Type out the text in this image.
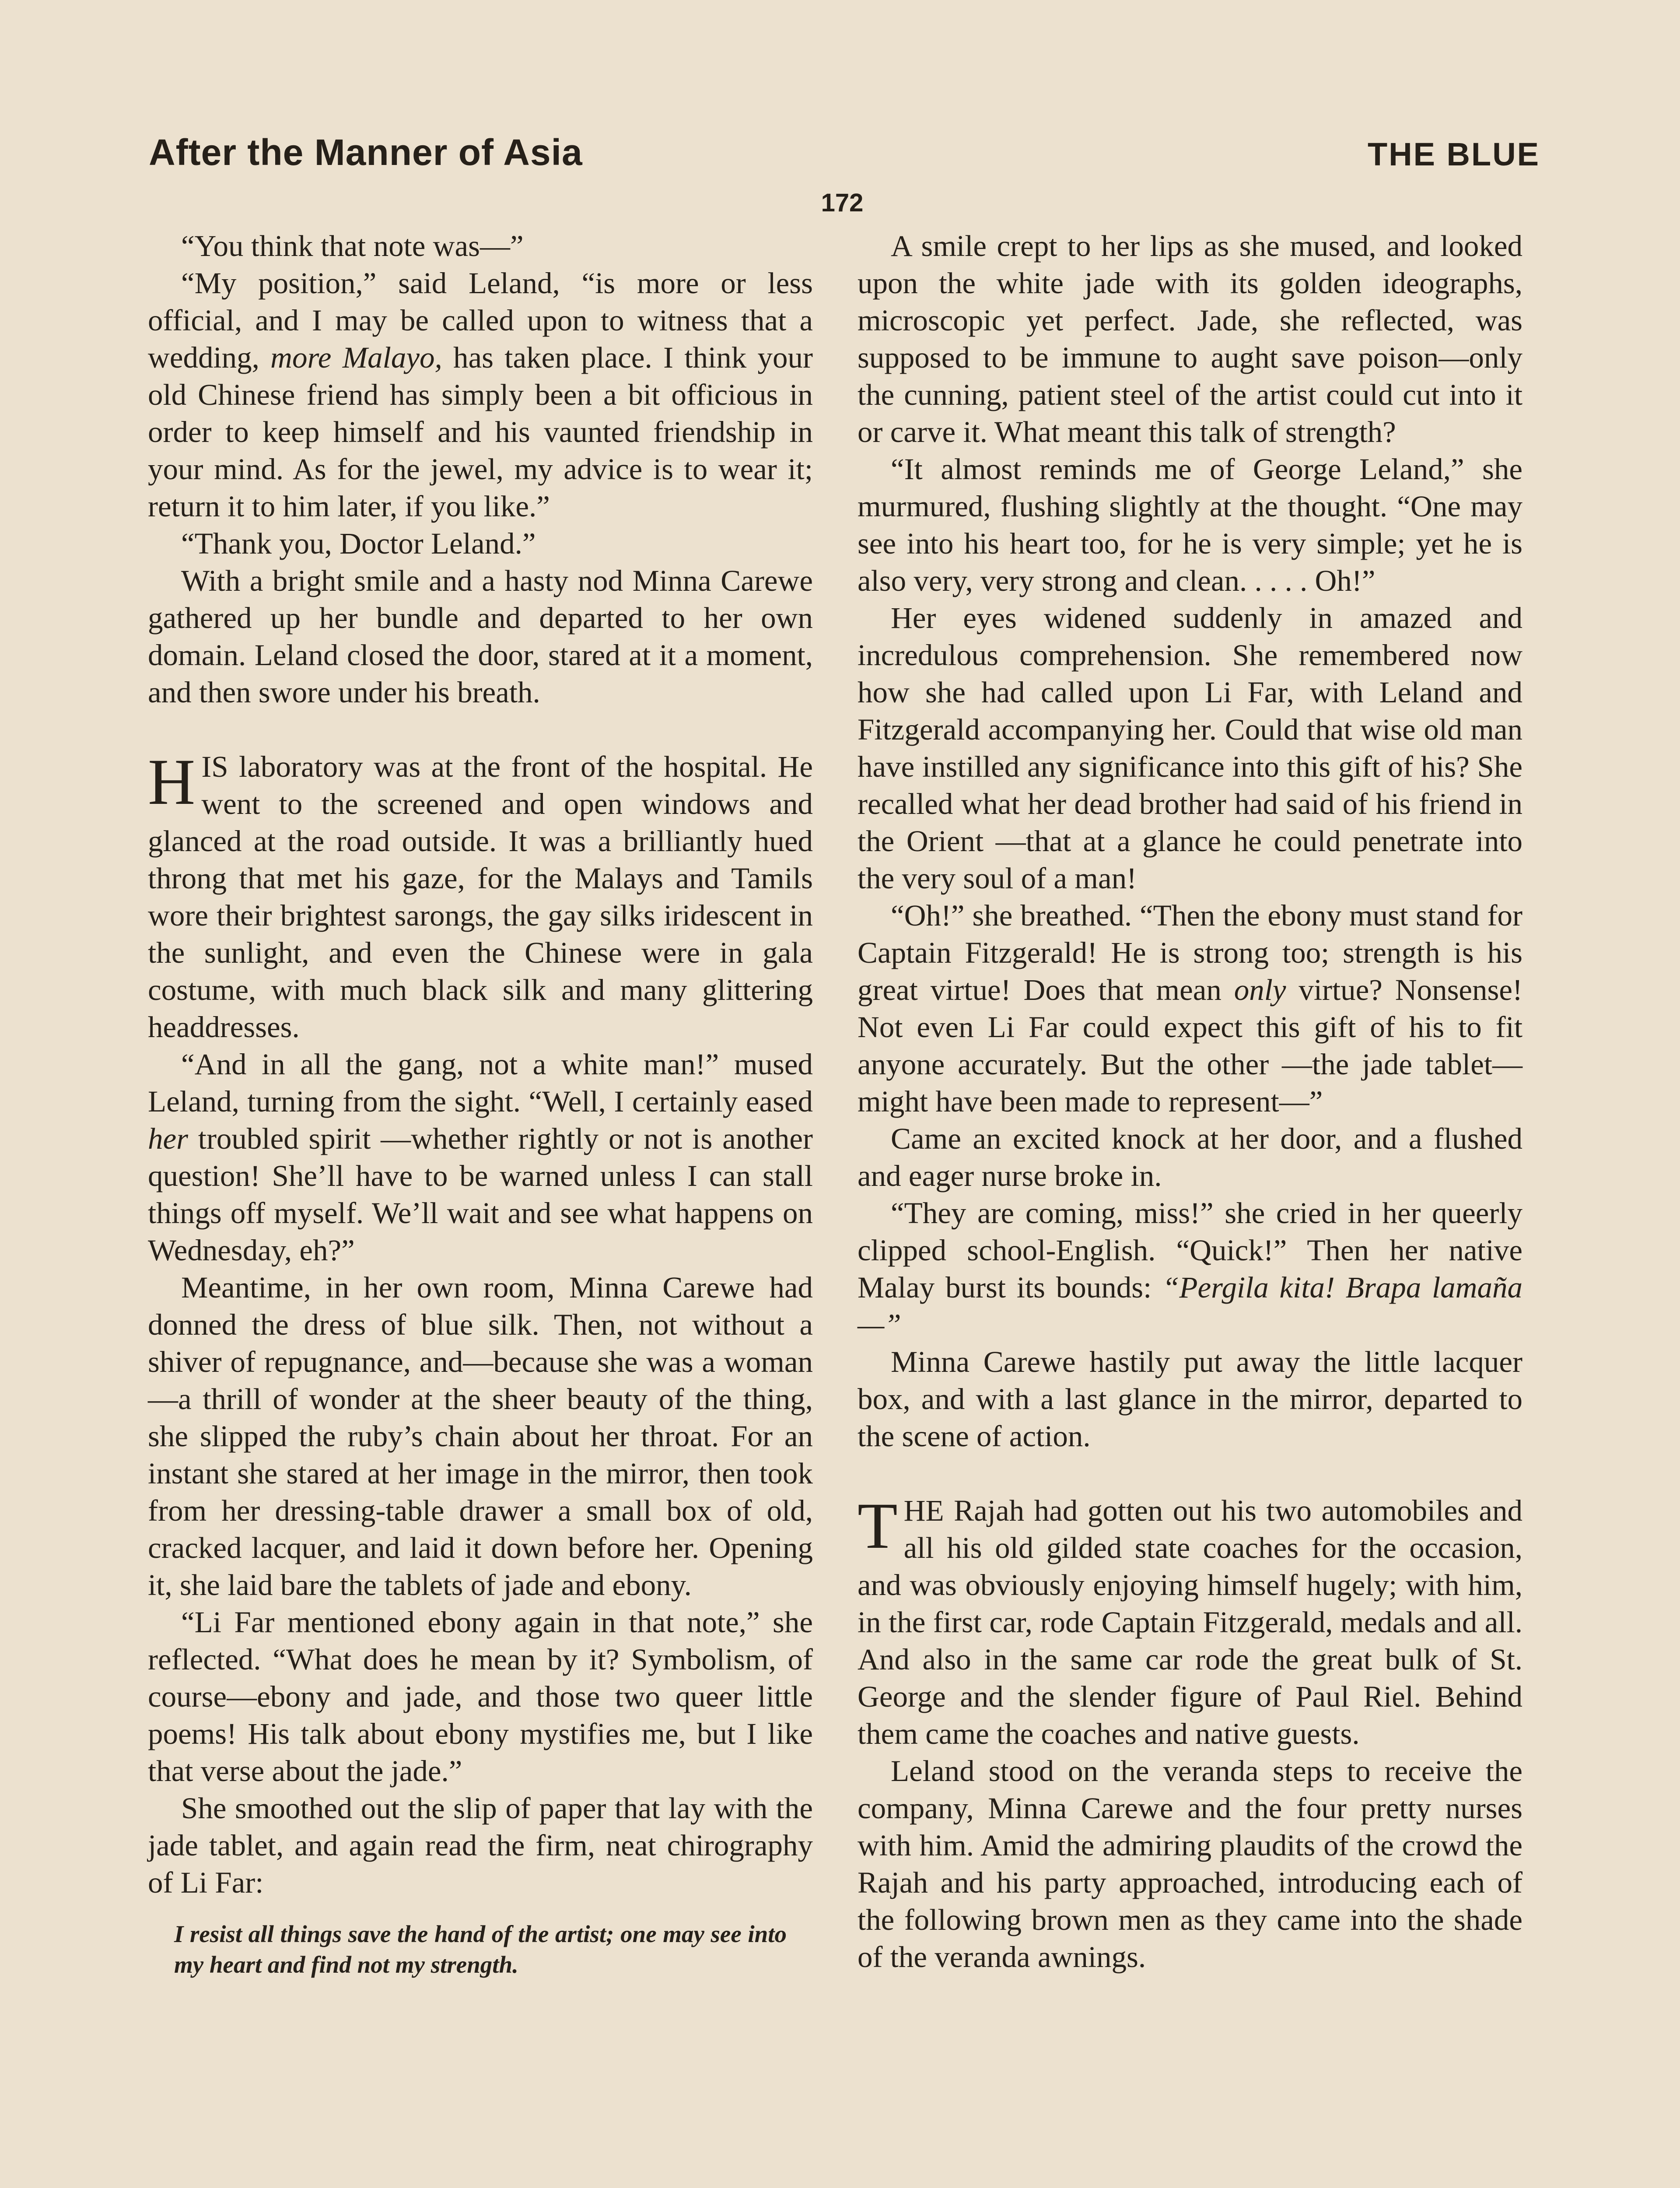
After the Manner of Asia	THE BLUE
172

“You think that note was—”

“My position,” said Leland, “is more or less official, and I may be called upon to witness that a wedding, more Malayo, has taken place. I think your old Chinese friend has simply been a bit officious in order to keep himself and his vaunted friendship in your mind. As for the jewel, my advice is to wear it; return it to him later, if you like.”

“Thank you, Doctor Leland.”

With a bright smile and a hasty nod Minna Carewe gathered up her bundle and departed to her own domain. Leland closed the door, stared at it a moment, and then swore under his breath.

HIS laboratory was at the front of the hospital. He went to the screened and open windows and glanced at the road outside. It was a brilliantly hued throng that met his gaze, for the Malays and Tamils wore their brightest sarongs, the gay silks iridescent in the sunlight, and even the Chinese were in gala costume, with much black silk and many glittering headdresses.

“And in all the gang, not a white man!” mused Leland, turning from the sight. “Well, I certainly eased her troubled spirit —whether rightly or not is another question! She’ll have to be warned unless I can stall things off myself. We’ll wait and see what happens on Wednesday, eh?”

Meantime, in her own room, Minna Carewe had donned the dress of blue silk. Then, not without a shiver of repugnance, and—because she was a woman—a thrill of wonder at the sheer beauty of the thing, she slipped the ruby’s chain about her throat. For an instant she stared at her image in the mirror, then took from her dressing-table drawer a small box of old, cracked lacquer, and laid it down before her. Opening it, she laid bare the tablets of jade and ebony.

“Li Far mentioned ebony again in that note,” she reflected. “What does he mean by it? Symbolism, of course—ebony and jade, and those two queer little poems! His talk about ebony mystifies me, but I like that verse about the jade.”

She smoothed out the slip of paper that lay with the jade tablet, and again read the firm, neat chirography of Li Far:

I resist all things save the hand of the artist; one may see into my heart and find not my strength.

A smile crept to her lips as she mused, and looked upon the white jade with its golden ideographs, microscopic yet perfect. Jade, she reflected, was supposed to be immune to aught save poison—only the cunning, patient steel of the artist could cut into it or carve it. What meant this talk of strength?

“It almost reminds me of George Leland,” she murmured, flushing slightly at the thought. “One may see into his heart too, for he is very simple; yet he is also very, very strong and clean. . . . . Oh!”

Her eyes widened suddenly in amazed and incredulous comprehension. She remembered now how she had called upon Li Far, with Leland and Fitzgerald accompanying her. Could that wise old man have instilled any significance into this gift of his? She recalled what her dead brother had said of his friend in the Orient —that at a glance he could penetrate into the very soul of a man!

“Oh!” she breathed. “Then the ebony must stand for Captain Fitzgerald! He is strong too; strength is his great virtue! Does that mean only virtue? Nonsense! Not even Li Far could expect this gift of his to fit anyone accurately. But the other —the jade tablet—might have been made to represent—”

Came an excited knock at her door, and a flushed and eager nurse broke in.

“They are coming, miss!” she cried in her queerly clipped school-English. “Quick!” Then her native Malay burst its bounds: “Pergila kita! Brapa lamaña—”

Minna Carewe hastily put away the little lacquer box, and with a last glance in the mirror, departed to the scene of action.

THE Rajah had gotten out his two automobiles and all his old gilded state coaches for the occasion, and was obviously enjoying himself hugely; with him, in the first car, rode Captain Fitzgerald, medals and all. And also in the same car rode the great bulk of St. George and the slender figure of Paul Riel. Behind them came the coaches and native guests.

Leland stood on the veranda steps to receive the company, Minna Carewe and the four pretty nurses with him. Amid the admiring plaudits of the crowd the Rajah and his party approached, introducing each of the following brown men as they came into the shade of the veranda awnings.
